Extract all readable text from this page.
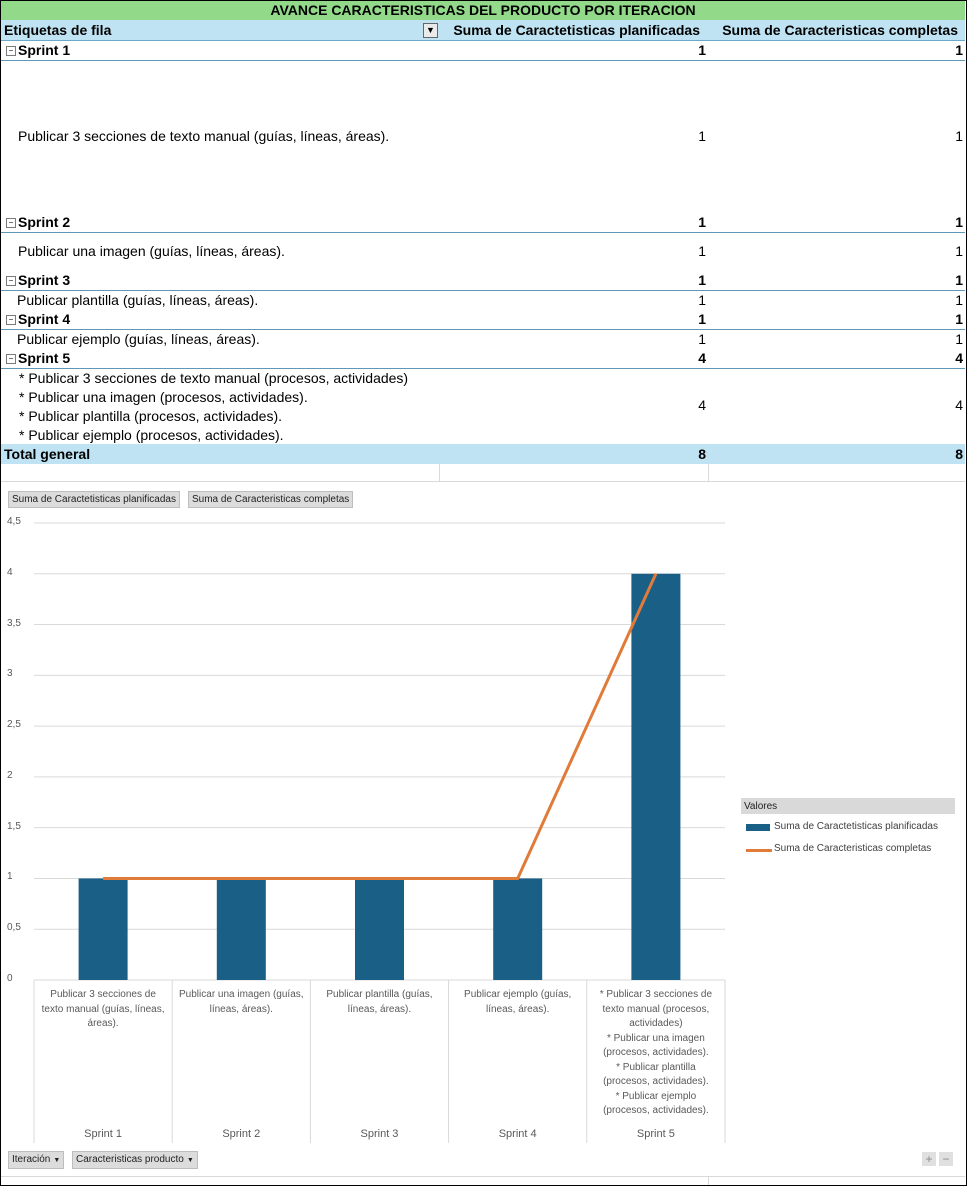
AVANCE CARACTERISTICAS DEL PRODUCTO POR ITERACION
Etiquetas de fila	▼ Suma de Caractetisticas planificadas Suma de Caracteristicas completas
− Sprint 1	1	1
Publicar 3 secciones de texto manual (guías, líneas, áreas).	1	1
− Sprint 2	1	1
Publicar una imagen (guías, líneas, áreas).	1	1
− Sprint 3	1	1
Publicar plantilla (guías, líneas, áreas).	1	1
− Sprint 4	1	1
Publicar ejemplo (guías, líneas, áreas).	1	1
− Sprint 5	4	4
* Publicar 3 secciones de texto manual (procesos, actividades)
* Publicar una imagen (procesos, actividades).
* Publicar plantilla (procesos, actividades).
* Publicar ejemplo (procesos, actividades).
4	4
Total general	8	8
Suma de Caractetisticas planificadas	Suma de Caracteristicas completas
0
0,5
1
1,5
2
2,5
3
3,5
4
4,5
Publicar 3 secciones de
texto manual (guías, líneas,
áreas).
Sprint 1
Publicar una imagen (guías,
líneas, áreas).
Sprint 2
Publicar plantilla (guías,
líneas, áreas).
Sprint 3
Publicar ejemplo (guías,
líneas, áreas).
Sprint 4
* Publicar 3 secciones de
texto manual (procesos,
actividades)
* Publicar una imagen
(procesos, actividades).
* Publicar plantilla
(procesos, actividades).
* Publicar ejemplo
(procesos, actividades).
Sprint 5
Valores
Suma de Caractetisticas planificadas
Suma de Caracteristicas completas
Iteración ▼	Caracteristicas producto ▼	+ −
